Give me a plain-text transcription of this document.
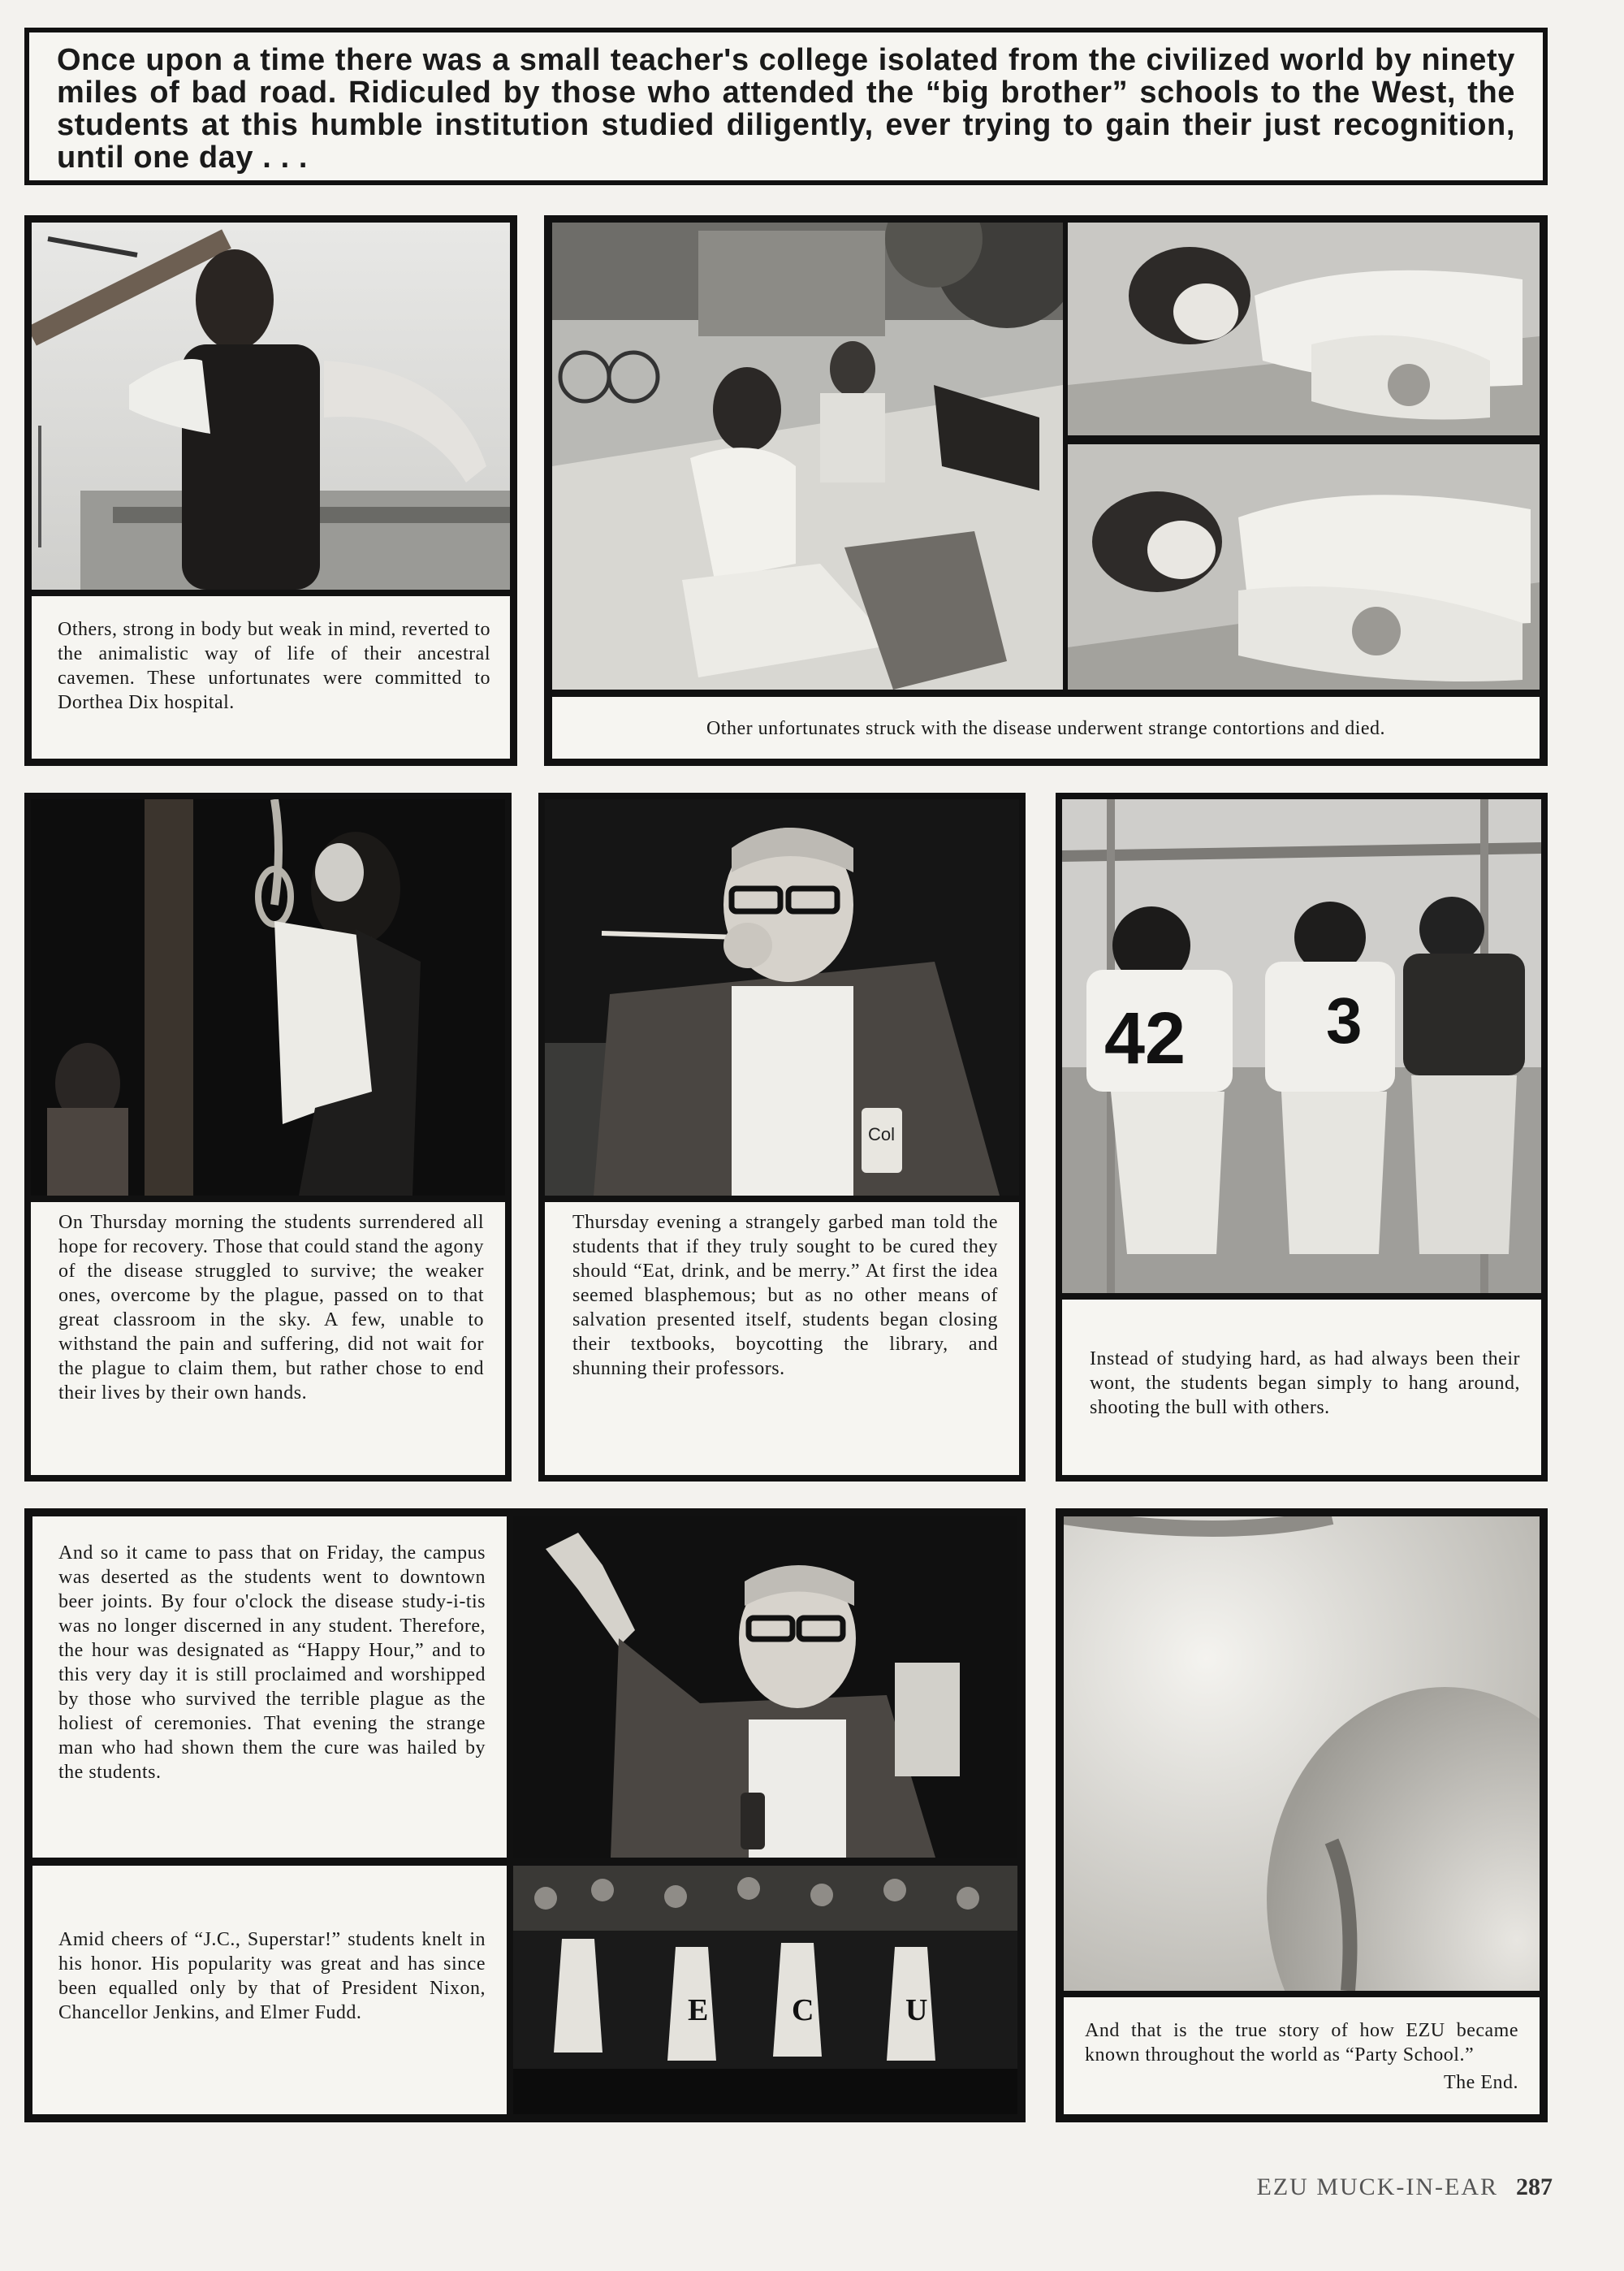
Once upon a time there was a small teacher's college isolated from the civilized world by ninety miles of bad road. Ridiculed by those who attended the “big brother” schools to the West, the students at this humble institution studied diligently, ever trying to gain their just recognition, until one day . . .
Others, strong in body but weak in mind, reverted to the animalistic way of life of their ancestral cavemen. These unfortunates were committed to Dorthea Dix hospital.
Other unfortunates struck with the disease underwent strange contortions and died.
On Thursday morning the students surrendered all hope for recovery. Those that could stand the agony of the disease struggled to survive; the weaker ones, overcome by the plague, passed on to that great classroom in the sky. A few, unable to withstand the pain and suffering, did not wait for the plague to claim them, but rather chose to end their lives by their own hands.
Col
Thursday evening a strangely garbed man told the students that if they truly sought to be cured they should “Eat, drink, and be merry.” At first the idea seemed blasphemous; but as no other means of salvation presented itself, students began closing their textbooks, boycotting the library, and shunning their professors.
42 3
Instead of studying hard, as had always been their wont, the students began simply to hang around, shooting the bull with others.
And so it came to pass that on Friday, the campus was deserted as the students went to downtown beer joints. By four o'clock the disease study-i-tis was no longer discerned in any student. Therefore, the hour was designated as “Happy Hour,” and to this very day it is still proclaimed and worshipped by those who survived the terrible plague as the holiest of ceremonies. That evening the strange man who had shown them the cure was hailed by the students.
Amid cheers of “J.C., Superstar!” students knelt in his honor. His popularity was great and has since been equalled only by that of President Nixon, Chancellor Jenkins, and Elmer Fudd.	E	C	U
And that is the true story of how EZU became known throughout the world as “Party School.”
The End.
EZU MUCK-IN-EAR 287
